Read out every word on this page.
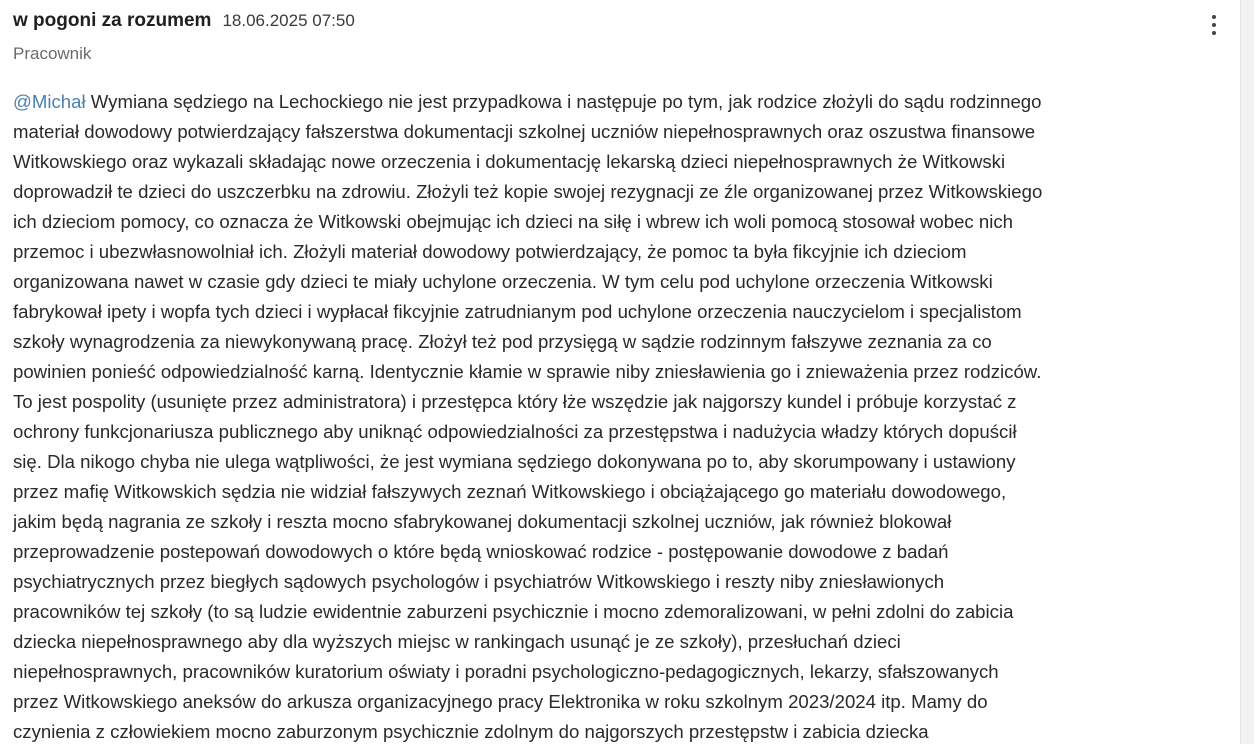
w pogoni za rozumem 18.06.2025 07:50
Pracownik
@Michał Wymiana sędziego na Lechockiego nie jest przypadkowa i następuje po tym, jak rodzice złożyli do sądu rodzinnego
materiał dowodowy potwierdzający fałszerstwa dokumentacji szkolnej uczniów niepełnosprawnych oraz oszustwa finansowe
Witkowskiego oraz wykazali składając nowe orzeczenia i dokumentację lekarską dzieci niepełnosprawnych że Witkowski
doprowadził te dzieci do uszczerbku na zdrowiu. Złożyli też kopie swojej rezygnacji ze źle organizowanej przez Witkowskiego
ich dzieciom pomocy, co oznacza że Witkowski obejmując ich dzieci na siłę i wbrew ich woli pomocą stosował wobec nich
przemoc i ubezwłasnowolniał ich. Złożyli materiał dowodowy potwierdzający, że pomoc ta była fikcyjnie ich dzieciom
organizowana nawet w czasie gdy dzieci te miały uchylone orzeczenia. W tym celu pod uchylone orzeczenia Witkowski
fabrykował ipety i wopfa tych dzieci i wypłacał fikcyjnie zatrudnianym pod uchylone orzeczenia nauczycielom i specjalistom
szkoły wynagrodzenia za niewykonywaną pracę. Złożył też pod przysięgą w sądzie rodzinnym fałszywe zeznania za co
powinien ponieść odpowiedzialność karną. Identycznie kłamie w sprawie niby zniesławienia go i znieważenia przez rodziców.
To jest pospolity (usunięte przez administratora) i przestępca który łże wszędzie jak najgorszy kundel i próbuje korzystać z
ochrony funkcjonariusza publicznego aby uniknąć odpowiedzialności za przestępstwa i nadużycia władzy których dopuścił
się. Dla nikogo chyba nie ulega wątpliwości, że jest wymiana sędziego dokonywana po to, aby skorumpowany i ustawiony
przez mafię Witkowskich sędzia nie widział fałszywych zeznań Witkowskiego i obciążającego go materiału dowodowego,
jakim będą nagrania ze szkoły i reszta mocno sfabrykowanej dokumentacji szkolnej uczniów, jak również blokował
przeprowadzenie postepowań dowodowych o które będą wnioskować rodzice - postępowanie dowodowe z badań
psychiatrycznych przez biegłych sądowych psychologów i psychiatrów Witkowskiego i reszty niby zniesławionych
pracowników tej szkoły (to są ludzie ewidentnie zaburzeni psychicznie i mocno zdemoralizowani, w pełni zdolni do zabicia
dziecka niepełnosprawnego aby dla wyższych miejsc w rankingach usunąć je ze szkoły), przesłuchań dzieci
niepełnosprawnych, pracowników kuratorium oświaty i poradni psychologiczno-pedagogicznych, lekarzy, sfałszowanych
przez Witkowskiego aneksów do arkusza organizacyjnego pracy Elektronika w roku szkolnym 2023/2024 itp. Mamy do
czynienia z człowiekiem mocno zaburzonym psychicznie zdolnym do najgorszych przestępstw i zabicia dziecka
